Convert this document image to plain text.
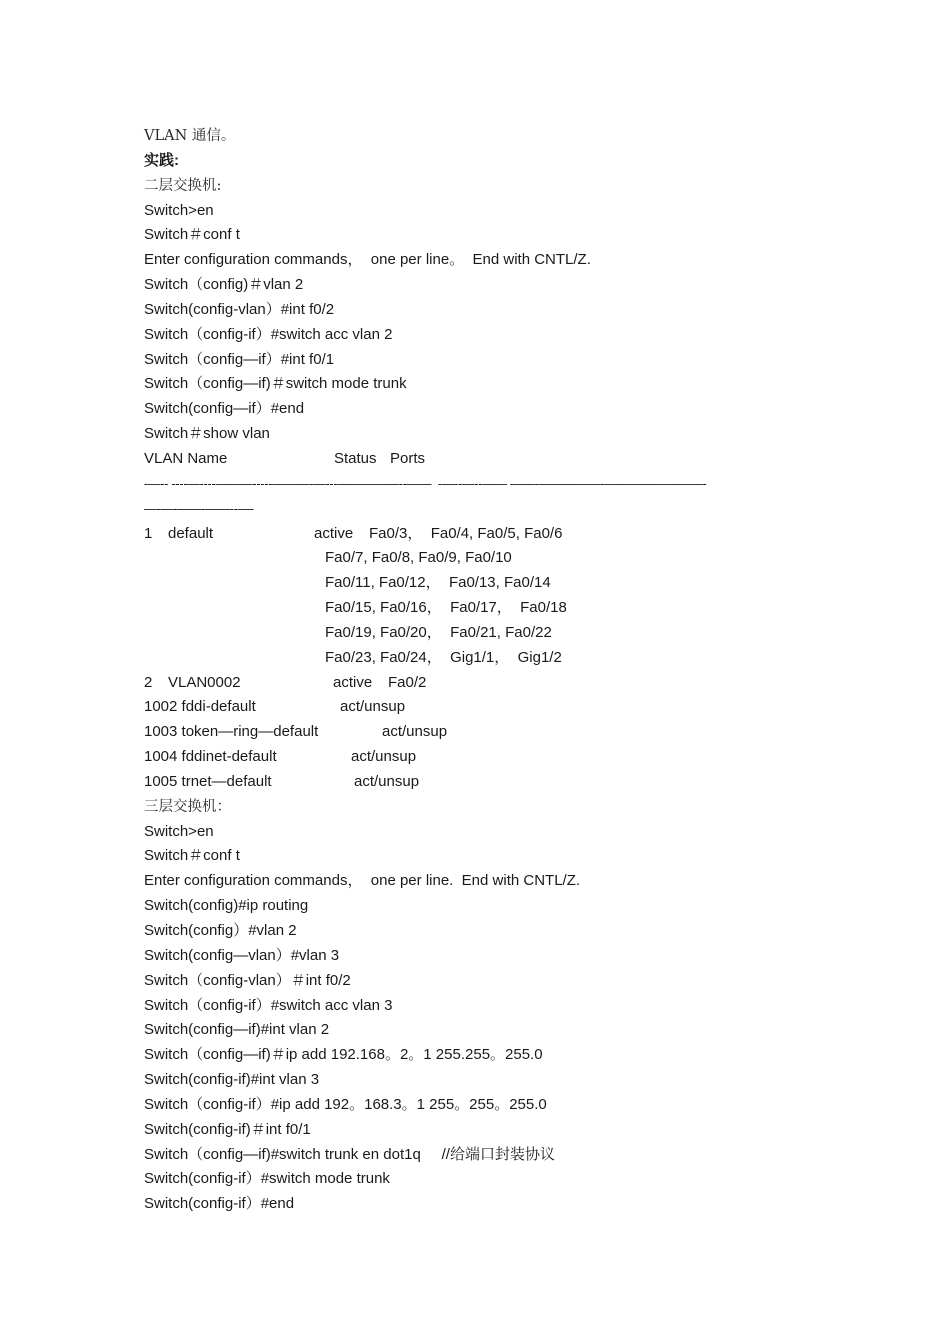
VLAN 通信。
实践:
二层交换机:
Switch>en
Switch＃conf t
Enter configuration commands，  one per line。  End with CNTL/Z.
Switch（config)＃vlan 2
Switch(config-vlan）#int f0/2
Switch（config-if）#switch acc vlan 2
Switch（config—if）#int f0/1
Switch（config—if)＃switch mode trunk
Switch(config—if）#end
Switch＃show vlan
VLAN Name	Status Ports
-—-- ----—----———-----———-—---—————--——  -—--—--—— ——-—————-————————-
—-—-——-——--—-
1 default	active Fa0/3，  Fa0/4, Fa0/5, Fa0/6
Fa0/7, Fa0/8, Fa0/9, Fa0/10
Fa0/11, Fa0/12，  Fa0/13, Fa0/14
Fa0/15, Fa0/16，  Fa0/17，  Fa0/18
Fa0/19, Fa0/20，  Fa0/21, Fa0/22
Fa0/23, Fa0/24，  Gig1/1，  Gig1/2
2 VLAN0002	active Fa0/2
1002 fddi-default	act/unsup
1003 token—ring—default	act/unsup
1004 fddinet-default	act/unsup
1005 trnet—default	act/unsup
三层交换机：
Switch>en
Switch＃conf t
Enter configuration commands，  one per line.  End with CNTL/Z.
Switch(config)#ip routing
Switch(config）#vlan 2
Switch(config—vlan）#vlan 3
Switch（config-vlan）＃int f0/2
Switch（config-if）#switch acc vlan 3
Switch(config—if)#int vlan 2
Switch（config—if)＃ip add 192.168。2。1 255.255。255.0
Switch(config-if)#int vlan 3
Switch（config-if）#ip add 192。168.3。1 255。255。255.0
Switch(config-if)＃int f0/1
Switch（config—if)#switch trunk en dot1q     //给端口封装协议
Switch(config-if）#switch mode trunk
Switch(config-if）#end
